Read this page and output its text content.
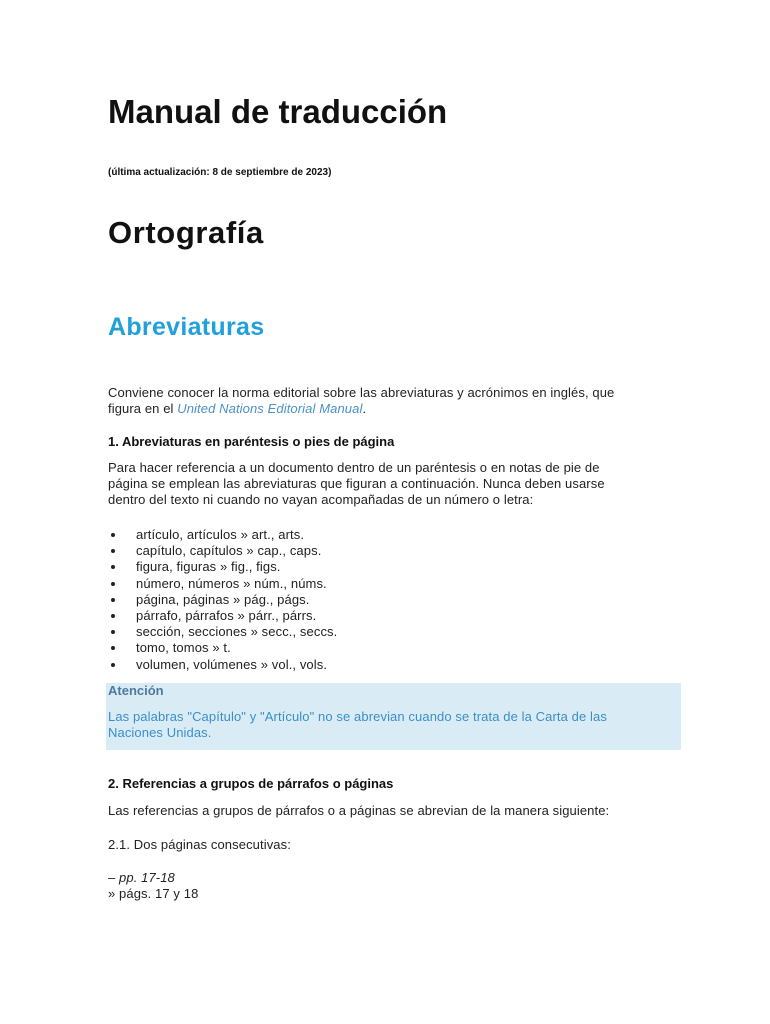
Manual de traducción

(última actualización: 8 de septiembre de 2023)

Ortografía
Abreviaturas
Conviene conocer la norma editorial sobre las abreviaturas y acrónimos en inglés, que
figura en el United Nations Editorial Manual.
1. Abreviaturas en paréntesis o pies de página
Para hacer referencia a un documento dentro de un paréntesis o en notas de pie de
página se emplean las abreviaturas que figuran a continuación. Nunca deben usarse
dentro del texto ni cuando no vayan acompañadas de un número o letra:
artículo, artículos » art., arts.
capítulo, capítulos » cap., caps.
figura, figuras » fig., figs.
número, números » núm., núms.
página, páginas » pág., págs.
párrafo, párrafos » párr., párrs.
sección, secciones » secc., seccs.
tomo, tomos » t.
volumen, volúmenes » vol., vols.
Atención
Las palabras "Capítulo" y "Artículo" no se abrevian cuando se trata de la Carta de las
Naciones Unidas.
2. Referencias a grupos de párrafos o páginas

Las referencias a grupos de párrafos o a páginas se abrevian de la manera siguiente:

2.1. Dos páginas consecutivas:

– pp. 17-18
» págs. 17 y 18
